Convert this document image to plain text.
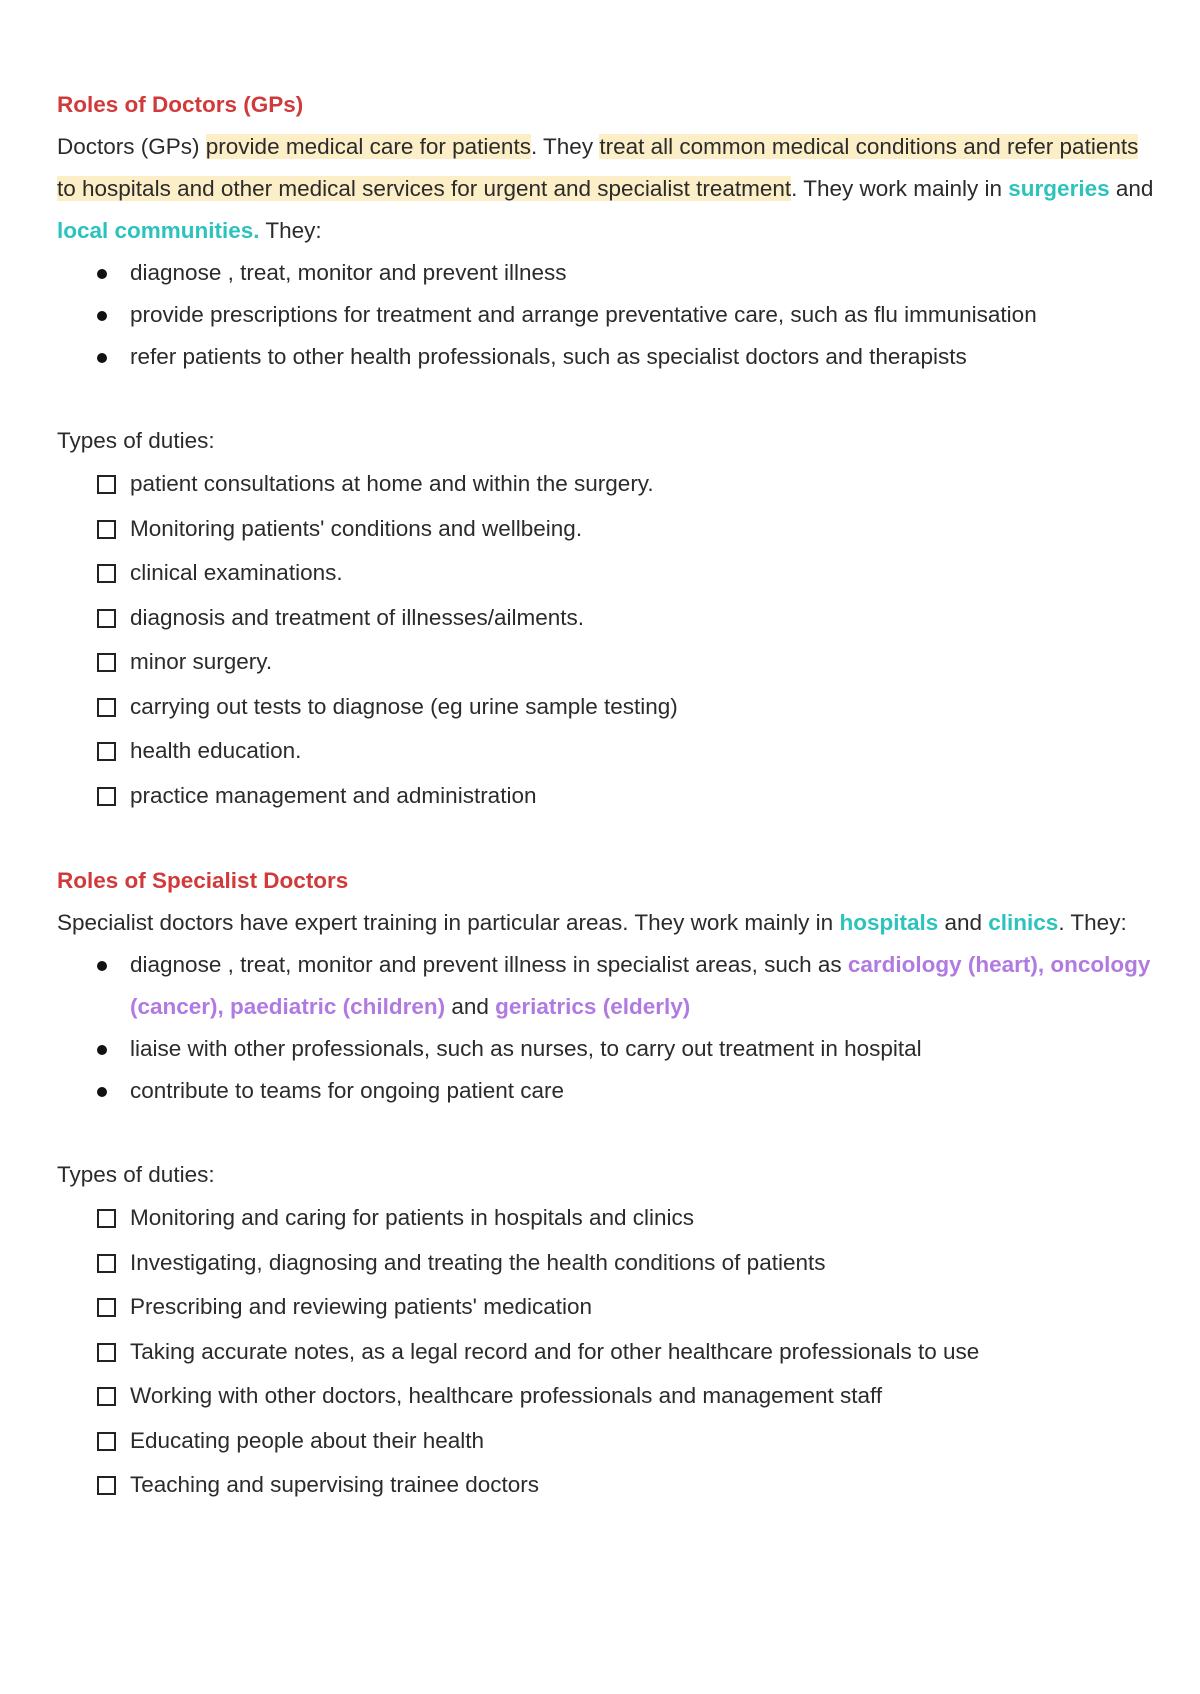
Roles of Doctors (GPs)

Doctors (GPs) provide medical care for patients. They treat all common medical conditions and refer patients to hospitals and other medical services for urgent and specialist treatment. They work mainly in surgeries and local communities. They:

diagnose , treat, monitor and prevent illness
provide prescriptions for treatment and arrange preventative care, such as flu immunisation
refer patients to other health professionals, such as specialist doctors and therapists

Types of duties:

patient consultations at home and within the surgery.
Monitoring patients' conditions and wellbeing.
clinical examinations.
diagnosis and treatment of illnesses/ailments.
minor surgery.
carrying out tests to diagnose (eg urine sample testing)
health education.
practice management and administration
Roles of Specialist Doctors

Specialist doctors have expert training in particular areas. They work mainly in hospitals and clinics. They:

diagnose , treat, monitor and prevent illness in specialist areas, such as cardiology (heart), oncology (cancer), paediatric (children) and geriatrics (elderly)
liaise with other professionals, such as nurses, to carry out treatment in hospital
contribute to teams for ongoing patient care

Types of duties:

Monitoring and caring for patients in hospitals and clinics
Investigating, diagnosing and treating the health conditions of patients
Prescribing and reviewing patients' medication
Taking accurate notes, as a legal record and for other healthcare professionals to use
Working with other doctors, healthcare professionals and management staff
Educating people about their health
Teaching and supervising trainee doctors
